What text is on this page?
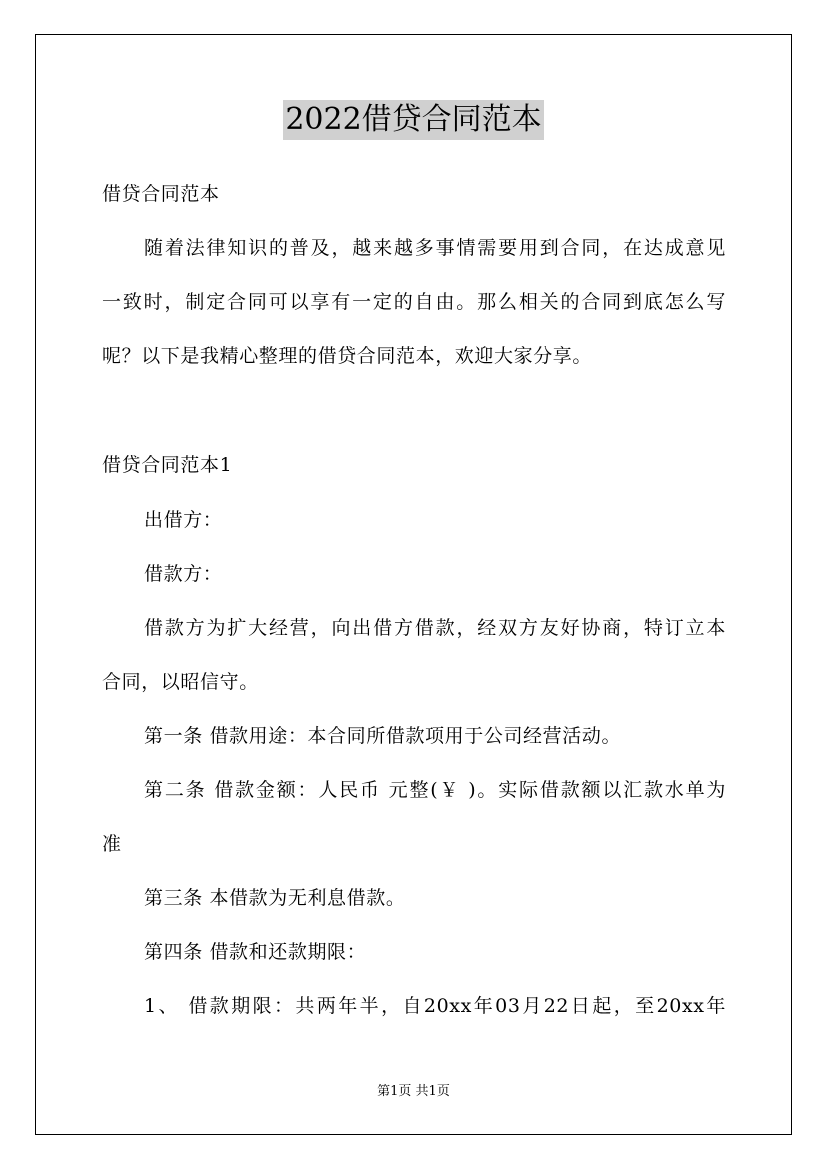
2022借贷合同范本
借贷合同范本
随着法律知识的普及，越来越多事情需要用到合同，在达成意见
一致时，制定合同可以享有一定的自由。那么相关的合同到底怎么写
呢？以下是我精心整理的借贷合同范本，欢迎大家分享。
借贷合同范本1
出借方：
借款方：
借款方为扩大经营，向出借方借款，经双方友好协商，特订立本
合同，以昭信守。
第一条 借款用途：本合同所借款项用于公司经营活动。
第二条 借款金额：人民币 元整(￥ )。实际借款额以汇款水单为
准
第三条 本借款为无利息借款。
第四条 借款和还款期限：
1、 借款期限：共两年半，自20xx年03月22日起，至20xx年
第1页 共1页
